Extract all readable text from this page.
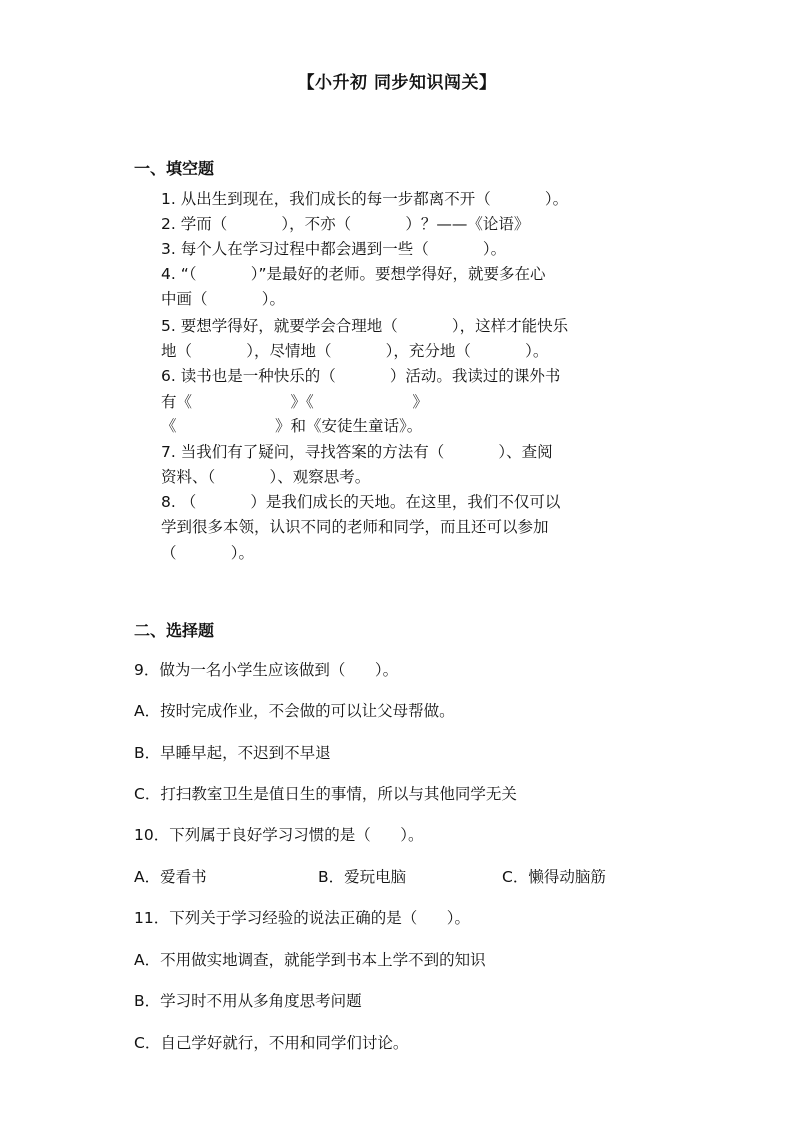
【小升初 同步知识闯关】
一、填空题
1. 从出生到现在，我们成长的每一步都离不开（           ）。
2. 学而（           ），不亦（           ）？——《论语》
3. 每个人在学习过程中都会遇到一些（           ）。
4. “（           ）”是最好的老师。要想学得好，就要多在心
中画（           ）。
5. 要想学得好，就要学会合理地（           ），这样才能快乐
地（           ），尽情地（           ），充分地（           ）。
6. 读书也是一种快乐的（           ）活动。我读过的课外书
有《                    》《                    》
《                    》和《安徒生童话》。
7. 当我们有了疑问，寻找答案的方法有（           ）、查阅
资料、（           ）、观察思考。
8. （           ）是我们成长的天地。在这里，我们不仅可以
学到很多本领，认识不同的老师和同学，而且还可以参加
（           ）。
二、选择题
9．做为一名小学生应该做到（      ）。
A．按时完成作业，不会做的可以让父母帮做。
B．早睡早起，不迟到不早退
C．打扫教室卫生是值日生的事情，所以与其他同学无关
10．下列属于良好学习习惯的是（      ）。
A．爱看书	B．爱玩电脑	C．懒得动脑筋
11．下列关于学习经验的说法正确的是（      ）。
A．不用做实地调查，就能学到书本上学不到的知识
B．学习时不用从多角度思考问题
C．自己学好就行，不用和同学们讨论。
